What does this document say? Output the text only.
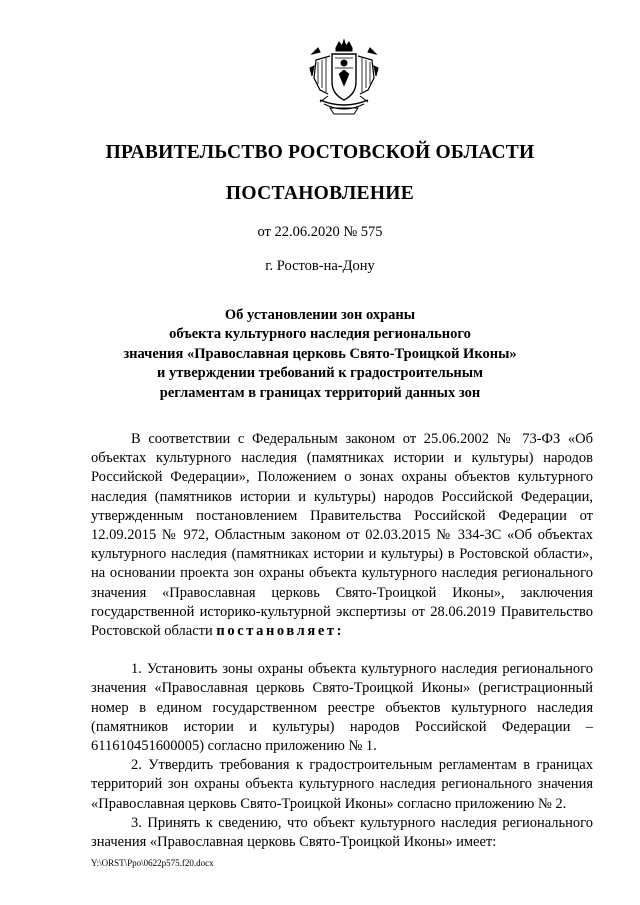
ПРАВИТЕЛЬСТВО РОСТОВСКОЙ ОБЛАСТИ
ПОСТАНОВЛЕНИЕ
от 22.06.2020 № 575
г. Ростов-на-Дону
Об установлении зон охраны
объекта культурного наследия регионального
значения «Православная церковь Свято-Троицкой Иконы»
и утверждении требований к градостроительным
регламентам в границах территорий данных зон

В соответствии с Федеральным законом от 25.06.2002 № 73-ФЗ «Об объектах культурного наследия (памятниках истории и культуры) народов Российской Федерации», Положением о зонах охраны объектов культурного наследия (памятников истории и культуры) народов Российской Федерации, утвержденным постановлением Правительства Российской Федерации от 12.09.2015 № 972, Областным законом от 02.03.2015 № 334-ЗС «Об объектах культурного наследия (памятниках истории и культуры) в Ростовской области», на основании проекта зон охраны объекта культурного наследия регионального значения «Православная церковь Свято-Троицкой Иконы», заключения государственной историко-культурной экспертизы от 28.06.2019 Правительство Ростовской области постановляет:

1. Установить зоны охраны объекта культурного наследия регионального значения «Православная церковь Свято-Троицкой Иконы» (регистрационный номер в едином государственном реестре объектов культурного наследия (памятников истории и культуры) народов Российской Федерации – 611610451600005) согласно приложению № 1.

2. Утвердить требования к градостроительным регламентам в границах территорий зон охраны объекта культурного наследия регионального значения «Православная церковь Свято-Троицкой Иконы» согласно приложению № 2.

3. Принять к сведению, что объект культурного наследия регионального значения «Православная церковь Свято-Троицкой Иконы» имеет:

Y:\ORST\Ppo\0622p575.f20.docx
